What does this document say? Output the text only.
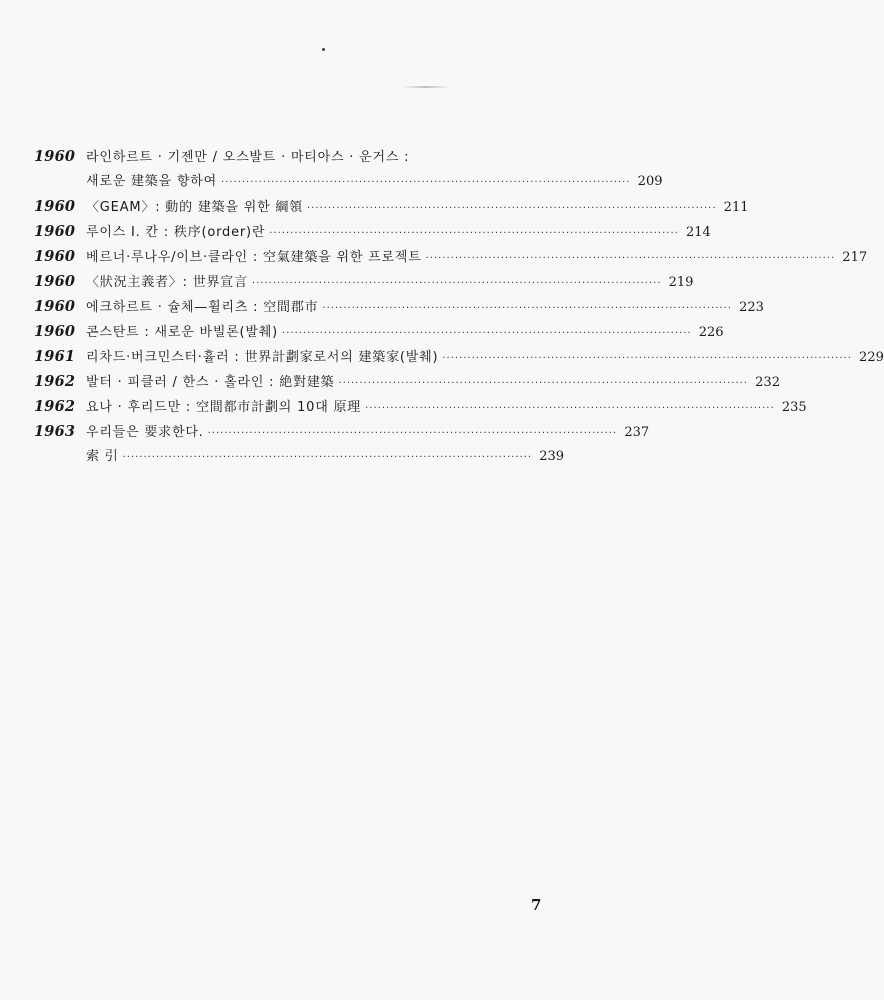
1960 라인하르트 · 기젠만 / 오스발트 · 마티아스 · 운거스 :
새로운 建築을 향하여 ·································································································· 209
1960 〈GEAM〉: 動的 建築을 위한 綱領 ·································································································· 211
1960 루이스 I. 칸 : 秩序(order)란 ·································································································· 214
1960 베르너·루나우/이브·클라인 : 空氣建築을 위한 프로젝트 ·································································································· 217
1960 〈狀況主義者〉: 世界宣言 ·································································································· 219
1960 에크하르트 · 슐체—휠리츠 : 空間郡市 ·································································································· 223
1960 콘스탄트 : 새로운 바빌론(발췌) ·································································································· 226
1961 리차드·버크민스터·휼러 : 世界計劃家로서의 建築家(발췌) ·································································································· 229
1962 발터 · 피클러 / 한스 · 홀라인 : 絶對建築 ·································································································· 232
1962 요나 · 후리드만 : 空間都市計劃의 10대 原理 ·································································································· 235
1963 우리들은 要求한다. ·································································································· 237
索 引 ·································································································· 239
7
